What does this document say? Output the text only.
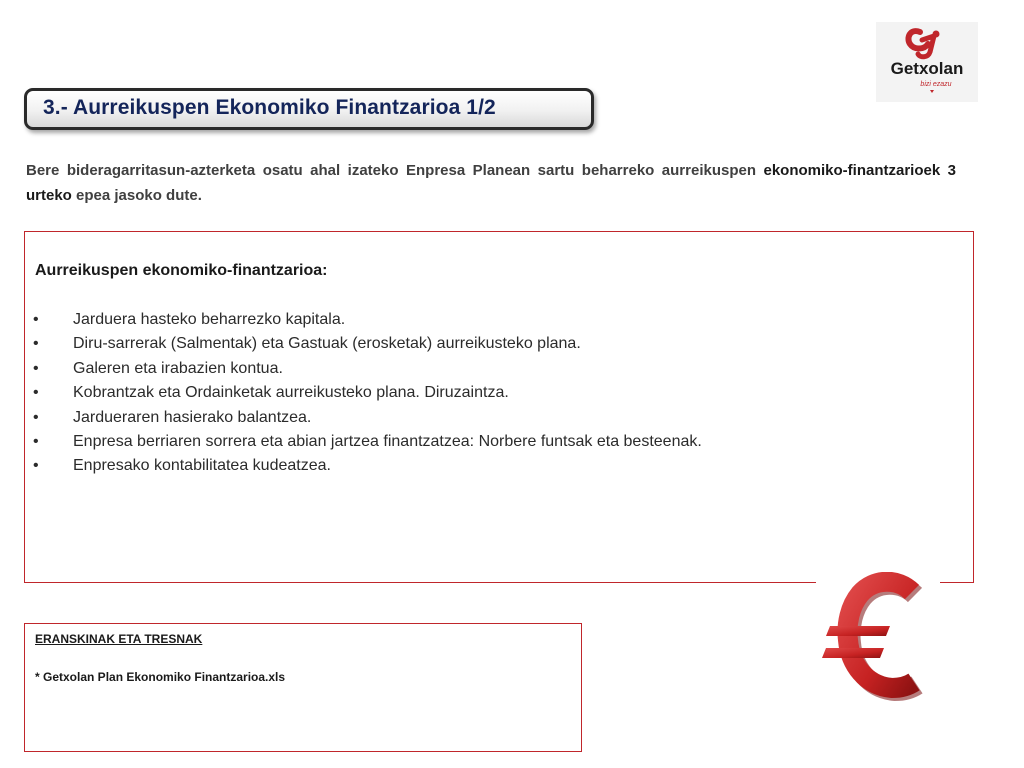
Getxolan
bizi ezazu
3.- Aurreikuspen Ekonomiko Finantzarioa 1/2
Bere bideragarritasun-azterketa osatu ahal izateko Enpresa Planean sartu beharreko aurreikuspen ekonomiko-finantzarioek 3 urteko epea jasoko dute.
Aurreikuspen ekonomiko-finantzarioa:
• Jarduera hasteko beharrezko kapitala.
• Diru-sarrerak (Salmentak) eta Gastuak (erosketak) aurreikusteko plana.
• Galeren eta irabazien kontua.
• Kobrantzak eta Ordainketak aurreikusteko plana. Diruzaintza.
• Jardueraren hasierako balantzea.
• Enpresa berriaren sorrera eta abian jartzea finantzatzea: Norbere funtsak eta besteenak.
• Enpresako kontabilitatea kudeatzea.
ERANSKINAK ETA TRESNAK
* Getxolan Plan Ekonomiko Finantzarioa.xls
